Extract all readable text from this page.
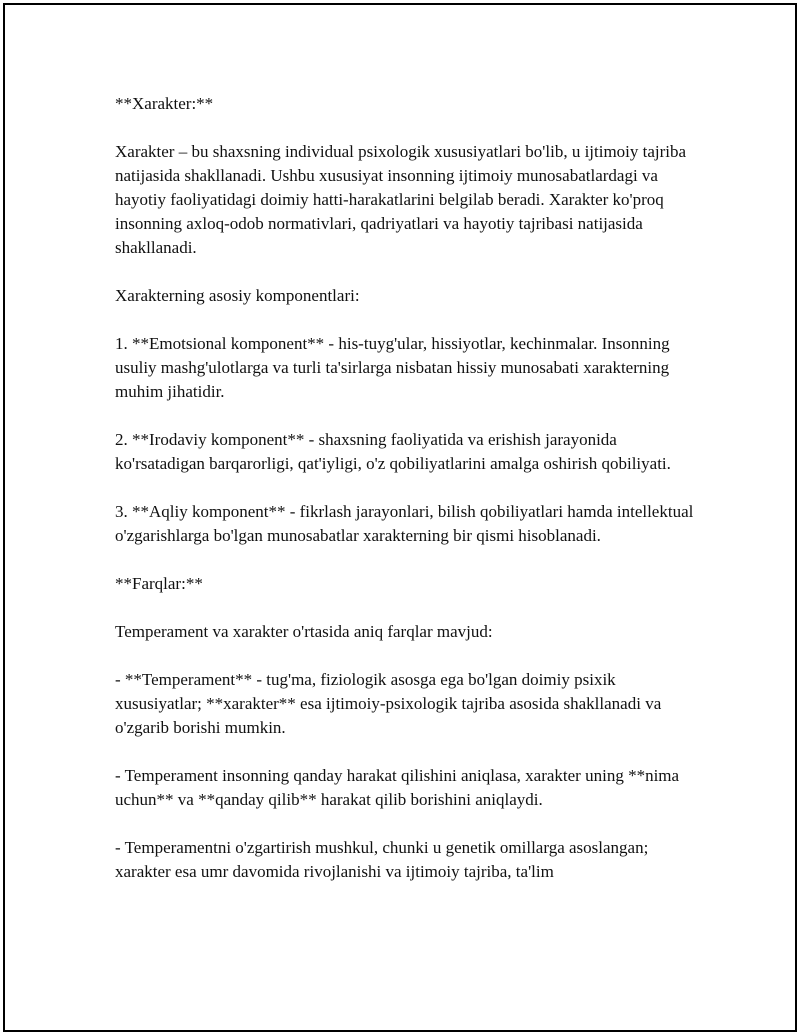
**Xarakter:**

Xarakter – bu shaxsning individual psixologik xususiyatlari bo'lib, u ijtimoiy tajriba natijasida shakllanadi. Ushbu xususiyat insonning ijtimoiy munosabatlardagi va hayotiy faoliyatidagi doimiy hatti-harakatlarini belgilab beradi. Xarakter ko'proq insonning axloq-odob normativlari, qadriyatlari va hayotiy tajribasi natijasida shakllanadi.

Xarakterning asosiy komponentlari:

1. **Emotsional komponent** - his-tuyg'ular, hissiyotlar, kechinmalar. Insonning usuliy mashg'ulotlarga va turli ta'sirlarga nisbatan hissiy munosabati xarakterning muhim jihatidir.

2. **Irodaviy komponent** - shaxsning faoliyatida va erishish jarayonida ko'rsatadigan barqarorligi, qat'iyligi, o'z qobiliyatlarini amalga oshirish qobiliyati.

3. **Aqliy komponent** - fikrlash jarayonlari, bilish qobiliyatlari hamda intellektual o'zgarishlarga bo'lgan munosabatlar xarakterning bir qismi hisoblanadi.

**Farqlar:**

Temperament va xarakter o'rtasida aniq farqlar mavjud:

- **Temperament** - tug'ma, fiziologik asosga ega bo'lgan doimiy psixik xususiyatlar; **xarakter** esa ijtimoiy-psixologik tajriba asosida shakllanadi va o'zgarib borishi mumkin.

- Temperament insonning qanday harakat qilishini aniqlasa, xarakter uning **nima uchun** va **qanday qilib** harakat qilib borishini aniqlaydi.

- Temperamentni o'zgartirish mushkul, chunki u genetik omillarga asoslangan; xarakter esa umr davomida rivojlanishi va ijtimoiy tajriba, ta'lim
